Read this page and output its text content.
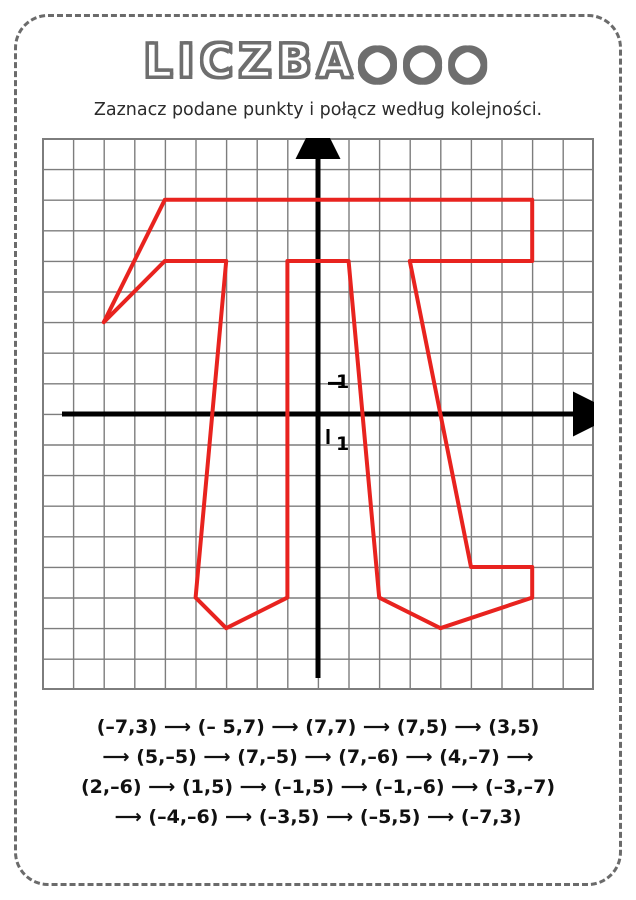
LICZBA○○○
Zaznacz podane punkty i połącz według kolejności.
1
1
(–7,3) ⟶ (– 5,7) ⟶ (7,7) ⟶ (7,5) ⟶ (3,5)
⟶ (5,–5) ⟶ (7,–5) ⟶ (7,–6) ⟶ (4,–7) ⟶
(2,–6) ⟶ (1,5) ⟶ (–1,5) ⟶ (–1,–6) ⟶ (–3,–7)
⟶ (–4,–6) ⟶ (–3,5) ⟶ (–5,5) ⟶ (–7,3)
